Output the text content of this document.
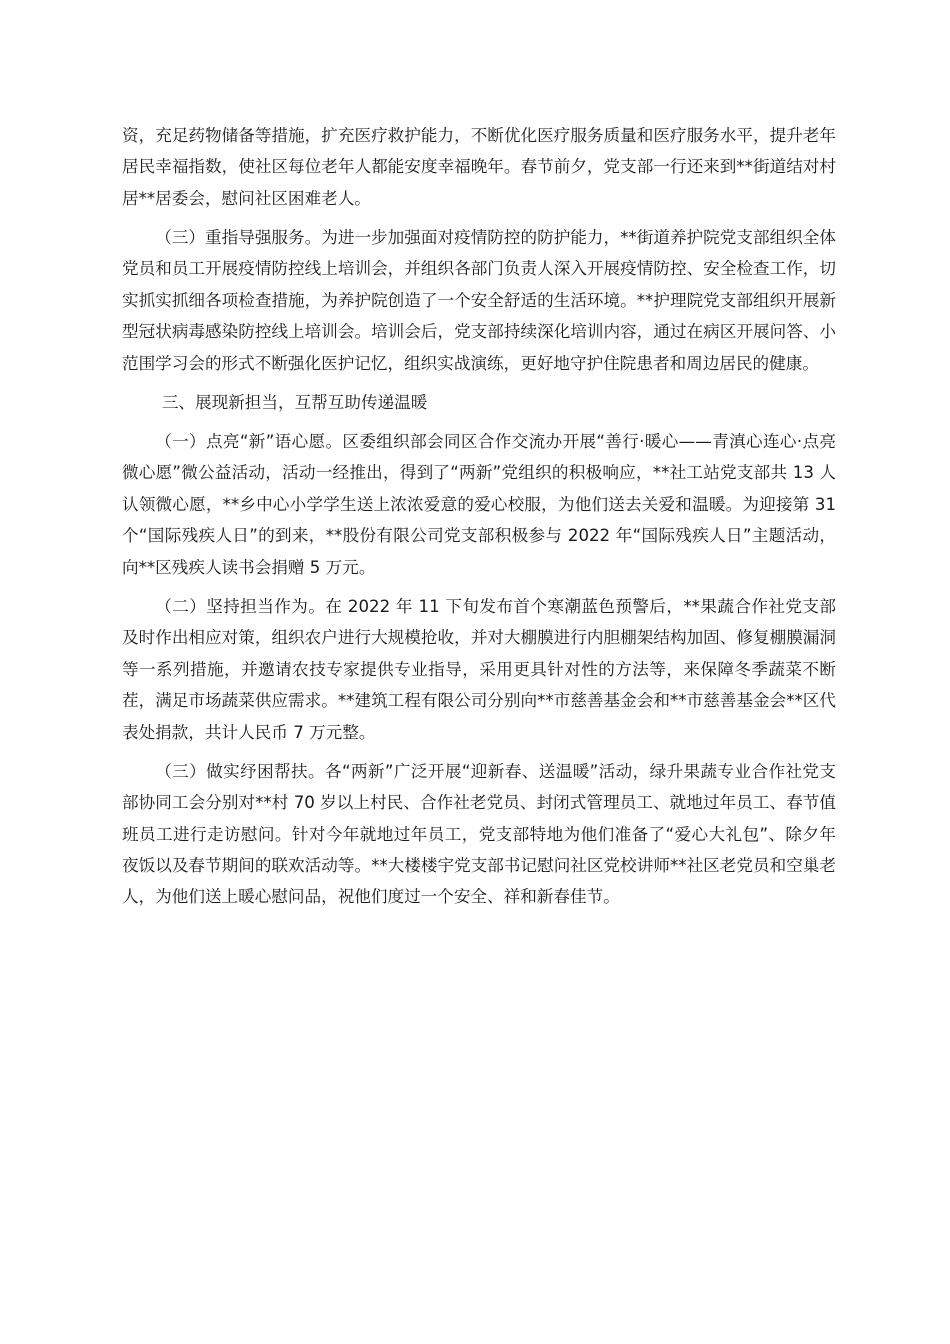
资，充足药物储备等措施，扩充医疗救护能力，不断优化医疗服务质量和医疗服务水平，提升老年居民幸福指数，使社区每位老年人都能安度幸福晚年。春节前夕，党支部一行还来到**街道结对村居**居委会，慰问社区困难老人。

（三）重指导强服务。为进一步加强面对疫情防控的防护能力，**街道养护院党支部组织全体党员和员工开展疫情防控线上培训会，并组织各部门负责人深入开展疫情防控、安全检查工作，切实抓实抓细各项检查措施，为养护院创造了一个安全舒适的生活环境。**护理院党支部组织开展新型冠状病毒感染防控线上培训会。培训会后，党支部持续深化培训内容，通过在病区开展问答、小范围学习会的形式不断强化医护记忆，组织实战演练，更好地守护住院患者和周边居民的健康。

三、展现新担当，互帮互助传递温暖

（一）点亮“新”语心愿。区委组织部会同区合作交流办开展“善行·暖心——青滇心连心·点亮微心愿”微公益活动，活动一经推出，得到了“两新”党组织的积极响应，**社工站党支部共 13 人认领微心愿，**乡中心小学学生送上浓浓爱意的爱心校服，为他们送去关爱和温暖。为迎接第 31 个“国际残疾人日”的到来，**股份有限公司党支部积极参与 2022 年“国际残疾人日”主题活动，向**区残疾人读书会捐赠 5 万元。

（二）坚持担当作为。在 2022 年 11 下旬发布首个寒潮蓝色预警后，**果蔬合作社党支部及时作出相应对策，组织农户进行大规模抢收，并对大棚膜进行内胆棚架结构加固、修复棚膜漏洞等一系列措施，并邀请农技专家提供专业指导，采用更具针对性的方法等，来保障冬季蔬菜不断茬，满足市场蔬菜供应需求。**建筑工程有限公司分别向**市慈善基金会和**市慈善基金会**区代表处捐款，共计人民币 7 万元整。

（三）做实纾困帮扶。各“两新”广泛开展“迎新春、送温暖”活动，绿升果蔬专业合作社党支部协同工会分别对**村 70 岁以上村民、合作社老党员、封闭式管理员工、就地过年员工、春节值班员工进行走访慰问。针对今年就地过年员工，党支部特地为他们准备了“爱心大礼包”、除夕年夜饭以及春节期间的联欢活动等。**大楼楼宇党支部书记慰问社区党校讲师**社区老党员和空巢老人，为他们送上暖心慰问品，祝他们度过一个安全、祥和新春佳节。
